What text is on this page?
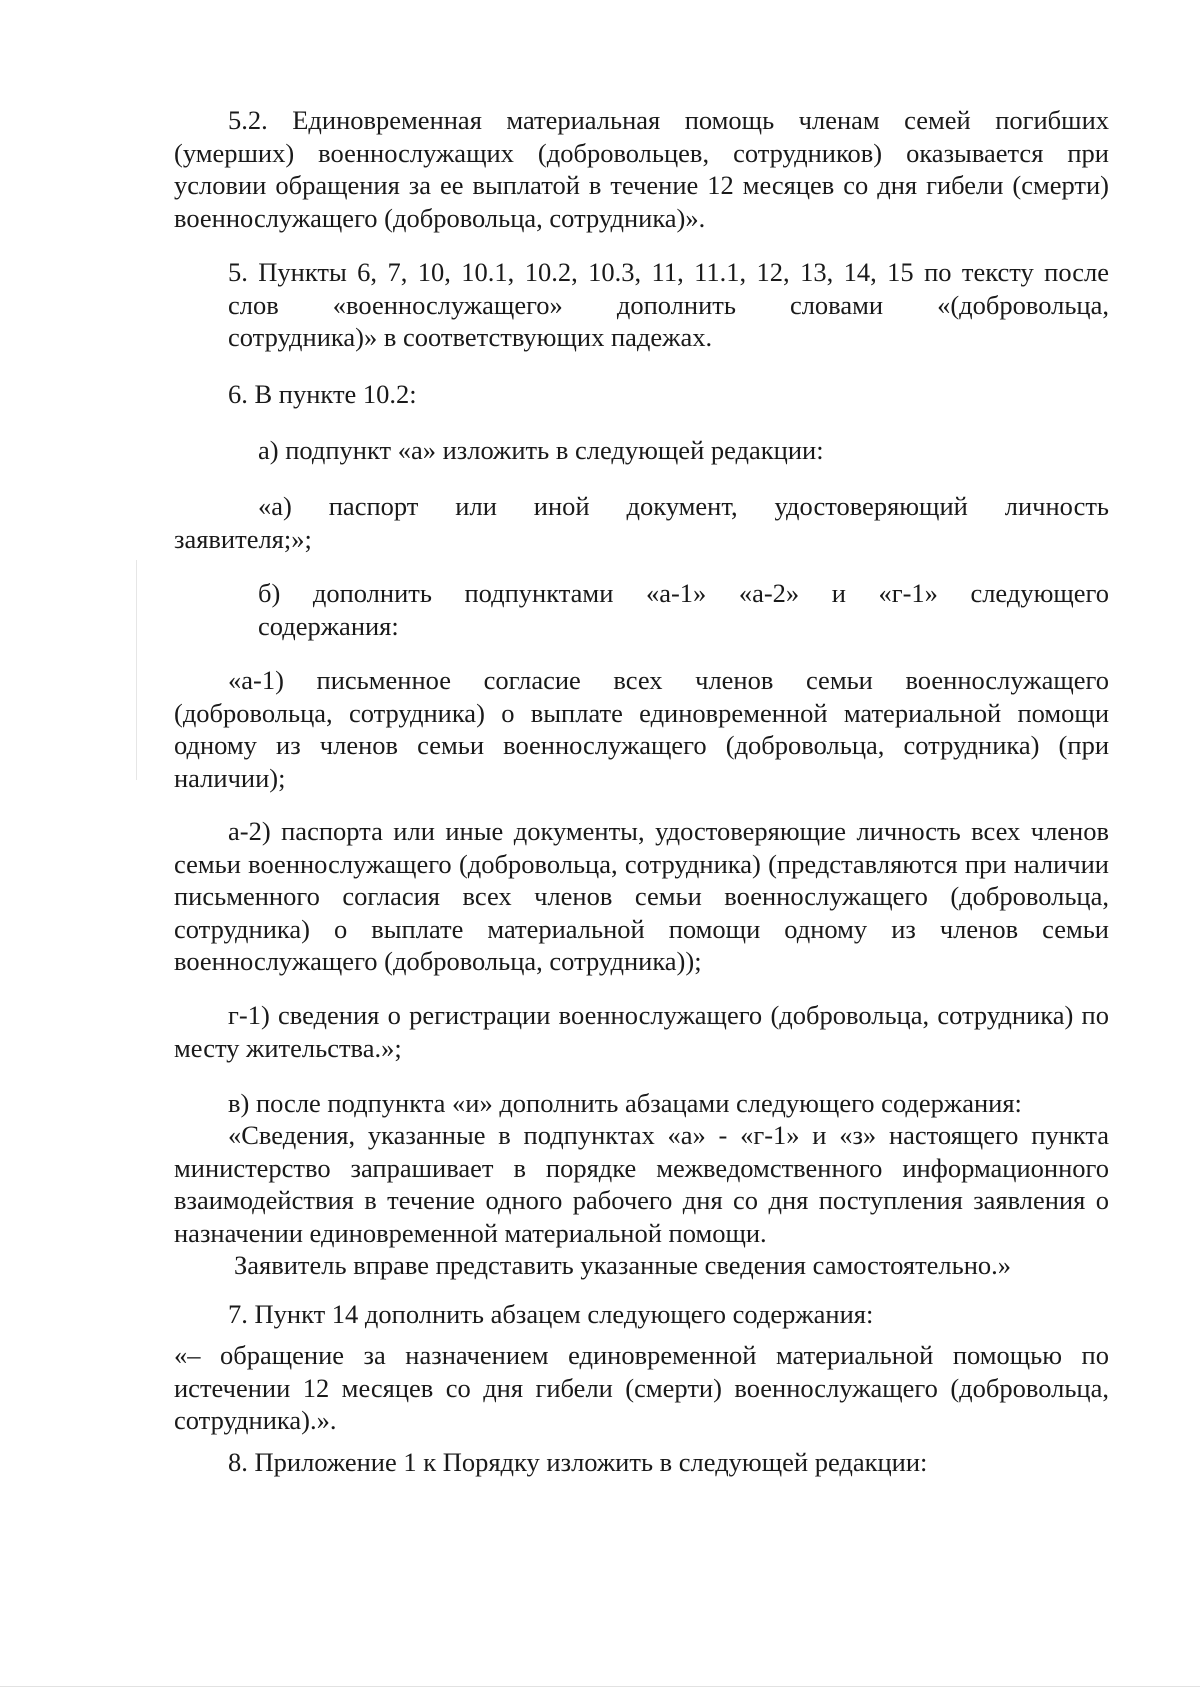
5.2. Единовременная материальная помощь членам семей погибших (умерших) военнослужащих (добровольцев, сотрудников) оказывается при условии обращения за ее выплатой в течение 12 месяцев со дня гибели (смерти) военнослужащего (добровольца, сотрудника)».

5. Пункты 6, 7, 10, 10.1, 10.2, 10.3, 11, 11.1, 12, 13, 14, 15 по тексту после
слов «военнослужащего» дополнить словами «(добровольца,
сотрудника)» в соответствующих падежах.

6. В пункте 10.2:

а) подпункт «а» изложить в следующей редакции:

«а) паспорт или иной документ, удостоверяющий личность заявителя;»;

б) дополнить подпунктами «а-1» «а-2» и «г-1» следующего
содержания:

«а-1) письменное согласие всех членов семьи военнослужащего (добровольца, сотрудника) о выплате единовременной материальной помощи одному из членов семьи военнослужащего (добровольца, сотрудника) (при наличии);

а-2) паспорта или иные документы, удостоверяющие личность всех членов семьи военнослужащего (добровольца, сотрудника) (представляются при наличии письменного согласия всех членов семьи военнослужащего (добровольца, сотрудника) о выплате материальной помощи одному из членов семьи военнослужащего (добровольца, сотрудника));

г-1) сведения о регистрации военнослужащего (добровольца, сотрудника) по месту жительства.»;

в) после подпункта «и» дополнить абзацами следующего содержания:

«Сведения, указанные в подпунктах «а» - «г-1» и «з» настоящего пункта министерство запрашивает в порядке межведомственного информационного взаимодействия в течение одного рабочего дня со дня поступления заявления о назначении единовременной материальной помощи.

Заявитель вправе представить указанные сведения самостоятельно.»

7. Пункт 14 дополнить абзацем следующего содержания:

«– обращение за назначением единовременной материальной помощью по истечении 12 месяцев со дня гибели (смерти) военнослужащего (добровольца, сотрудника).».

8. Приложение 1 к Порядку изложить в следующей редакции:
